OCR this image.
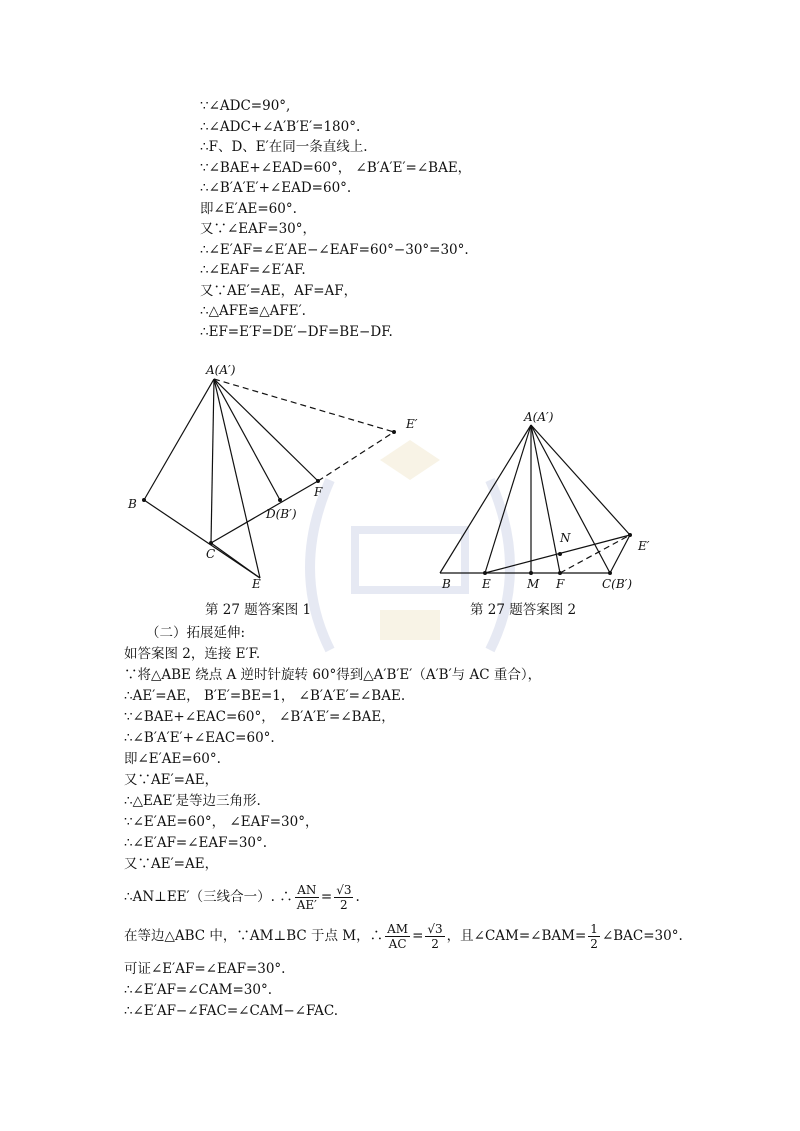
∵∠ADC=90°,
∴∠ADC+∠A′B′E′=180°.
∴F、D、E′在同一条直线上.
∵∠BAE+∠EAD=60°， ∠B′A′E′=∠BAE，
∴∠B′A′E′+∠EAD=60°.
即∠E′AE=60°.
又∵∠EAF=30°，
∴∠E′AF=∠E′AE−∠EAF=60°−30°=30°.
∴∠EAF=∠E′AF.
又∵AE′=AE，AF=AF，
∴△AFE≌△AFE′.
∴EF=E′F=DE′−DF=BE−DF.
A(A′)
E′
B
F
D(B′)
C
E
第 27 题答案图 1
A(A′)
E′
N
B	E	M F	C(B′)
第 27 题答案图 2
（二）拓展延伸:
如答案图 2，连接 E′F.
∵将△ABE 绕点 A 逆时针旋转 60°得到△A′B′E′（A′B′与 AC 重合），
∴AE′=AE， B′E′=BE=1， ∠B′A′E′=∠BAE.
∵∠BAE+∠EAC=60°， ∠B′A′E′=∠BAE，
∴∠B′A′E′+∠EAC=60°.
即∠E′AE=60°.
又∵AE′=AE，
∴△EAE′是等边三角形.
∵∠E′AE=60°， ∠EAF=30°，
∴∠E′AF=∠EAF=30°.
又∵AE′=AE，
∴AN⊥EE′（三线合一）. ∴ $\frac{AN}{AE'} = \frac{√3}{2}$ .
在等边△ABC 中，∵AM⊥BC 于点 M，∴ $\frac{AM}{AC} = \frac{√3}{2}$ ，且∠CAM=∠BAM= $\frac{1}{2}$ ∠BAC=30°.
可证∠E′AF=∠EAF=30°.
∴∠E′AF=∠CAM=30°.
∴∠E′AF−∠FAC=∠CAM−∠FAC.
